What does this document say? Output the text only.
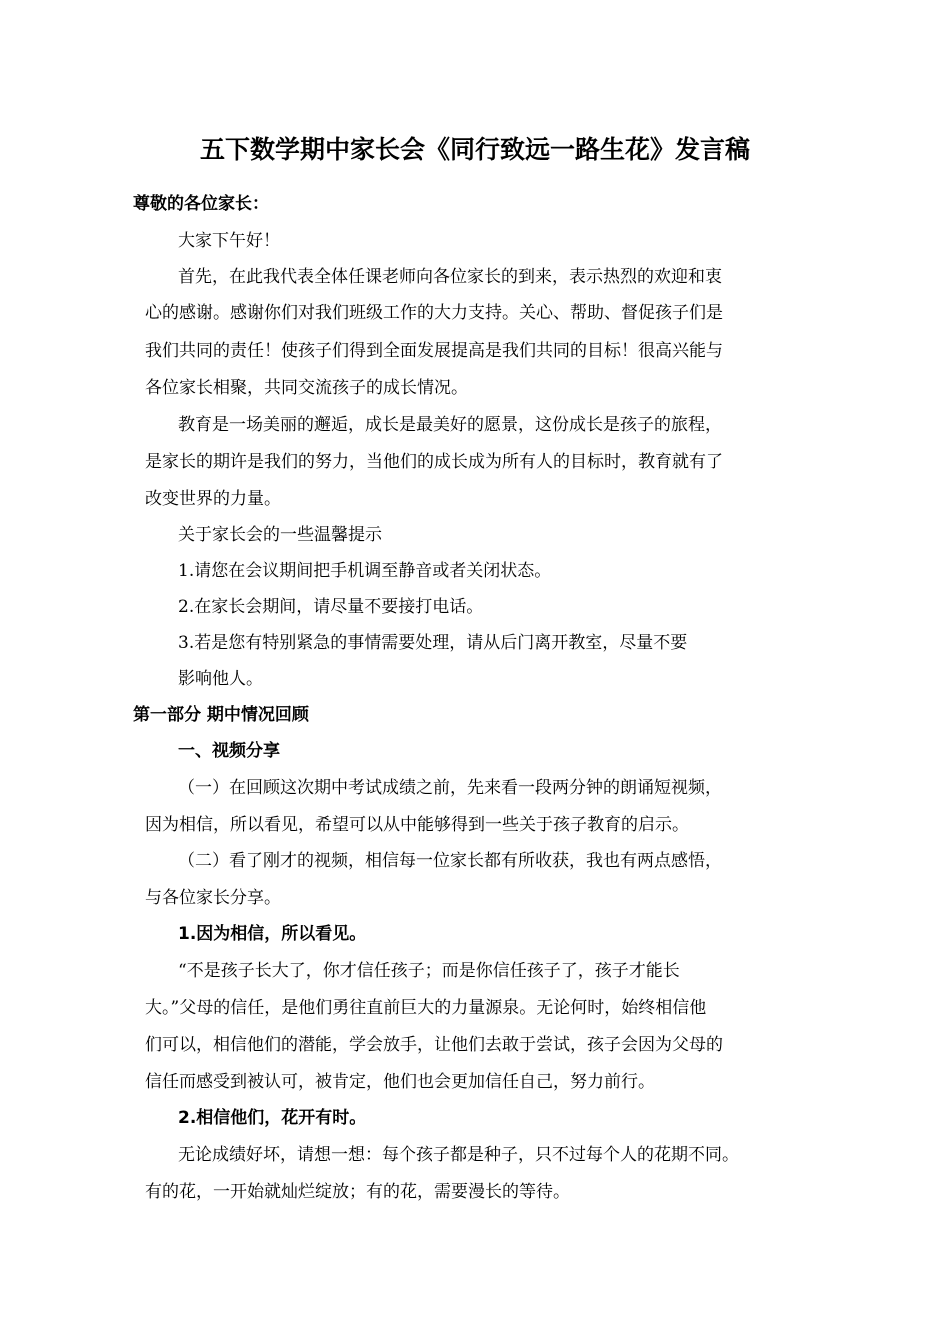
五下数学期中家长会《同行致远一路生花》发言稿

尊敬的各位家长：

大家下午好！

首先，在此我代表全体任课老师向各位家长的到来，表示热烈的欢迎和衷

心的感谢。感谢你们对我们班级工作的大力支持。关心、帮助、督促孩子们是

我们共同的责任！使孩子们得到全面发展提高是我们共同的目标！很高兴能与

各位家长相聚，共同交流孩子的成长情况。

教育是一场美丽的邂逅，成长是最美好的愿景，这份成长是孩子的旅程，

是家长的期许是我们的努力，当他们的成长成为所有人的目标时，教育就有了

改变世界的力量。

关于家长会的一些温馨提示

1.请您在会议期间把手机调至静音或者关闭状态。

2.在家长会期间，请尽量不要接打电话。

3.若是您有特别紧急的事情需要处理，请从后门离开教室，尽量不要

影响他人。

第一部分 期中情况回顾

一、视频分享

（一）在回顾这次期中考试成绩之前，先来看一段两分钟的朗诵短视频，

因为相信，所以看见，希望可以从中能够得到一些关于孩子教育的启示。

（二）看了刚才的视频，相信每一位家长都有所收获，我也有两点感悟，

与各位家长分享。

1.因为相信，所以看见。

“不是孩子长大了，你才信任孩子；而是你信任孩子了，孩子才能长

大。”父母的信任，是他们勇往直前巨大的力量源泉。无论何时，始终相信他

们可以，相信他们的潜能，学会放手，让他们去敢于尝试，孩子会因为父母的

信任而感受到被认可，被肯定，他们也会更加信任自己，努力前行。

2.相信他们，花开有时。

无论成绩好坏，请想一想：每个孩子都是种子，只不过每个人的花期不同。

有的花，一开始就灿烂绽放；有的花，需要漫长的等待。
